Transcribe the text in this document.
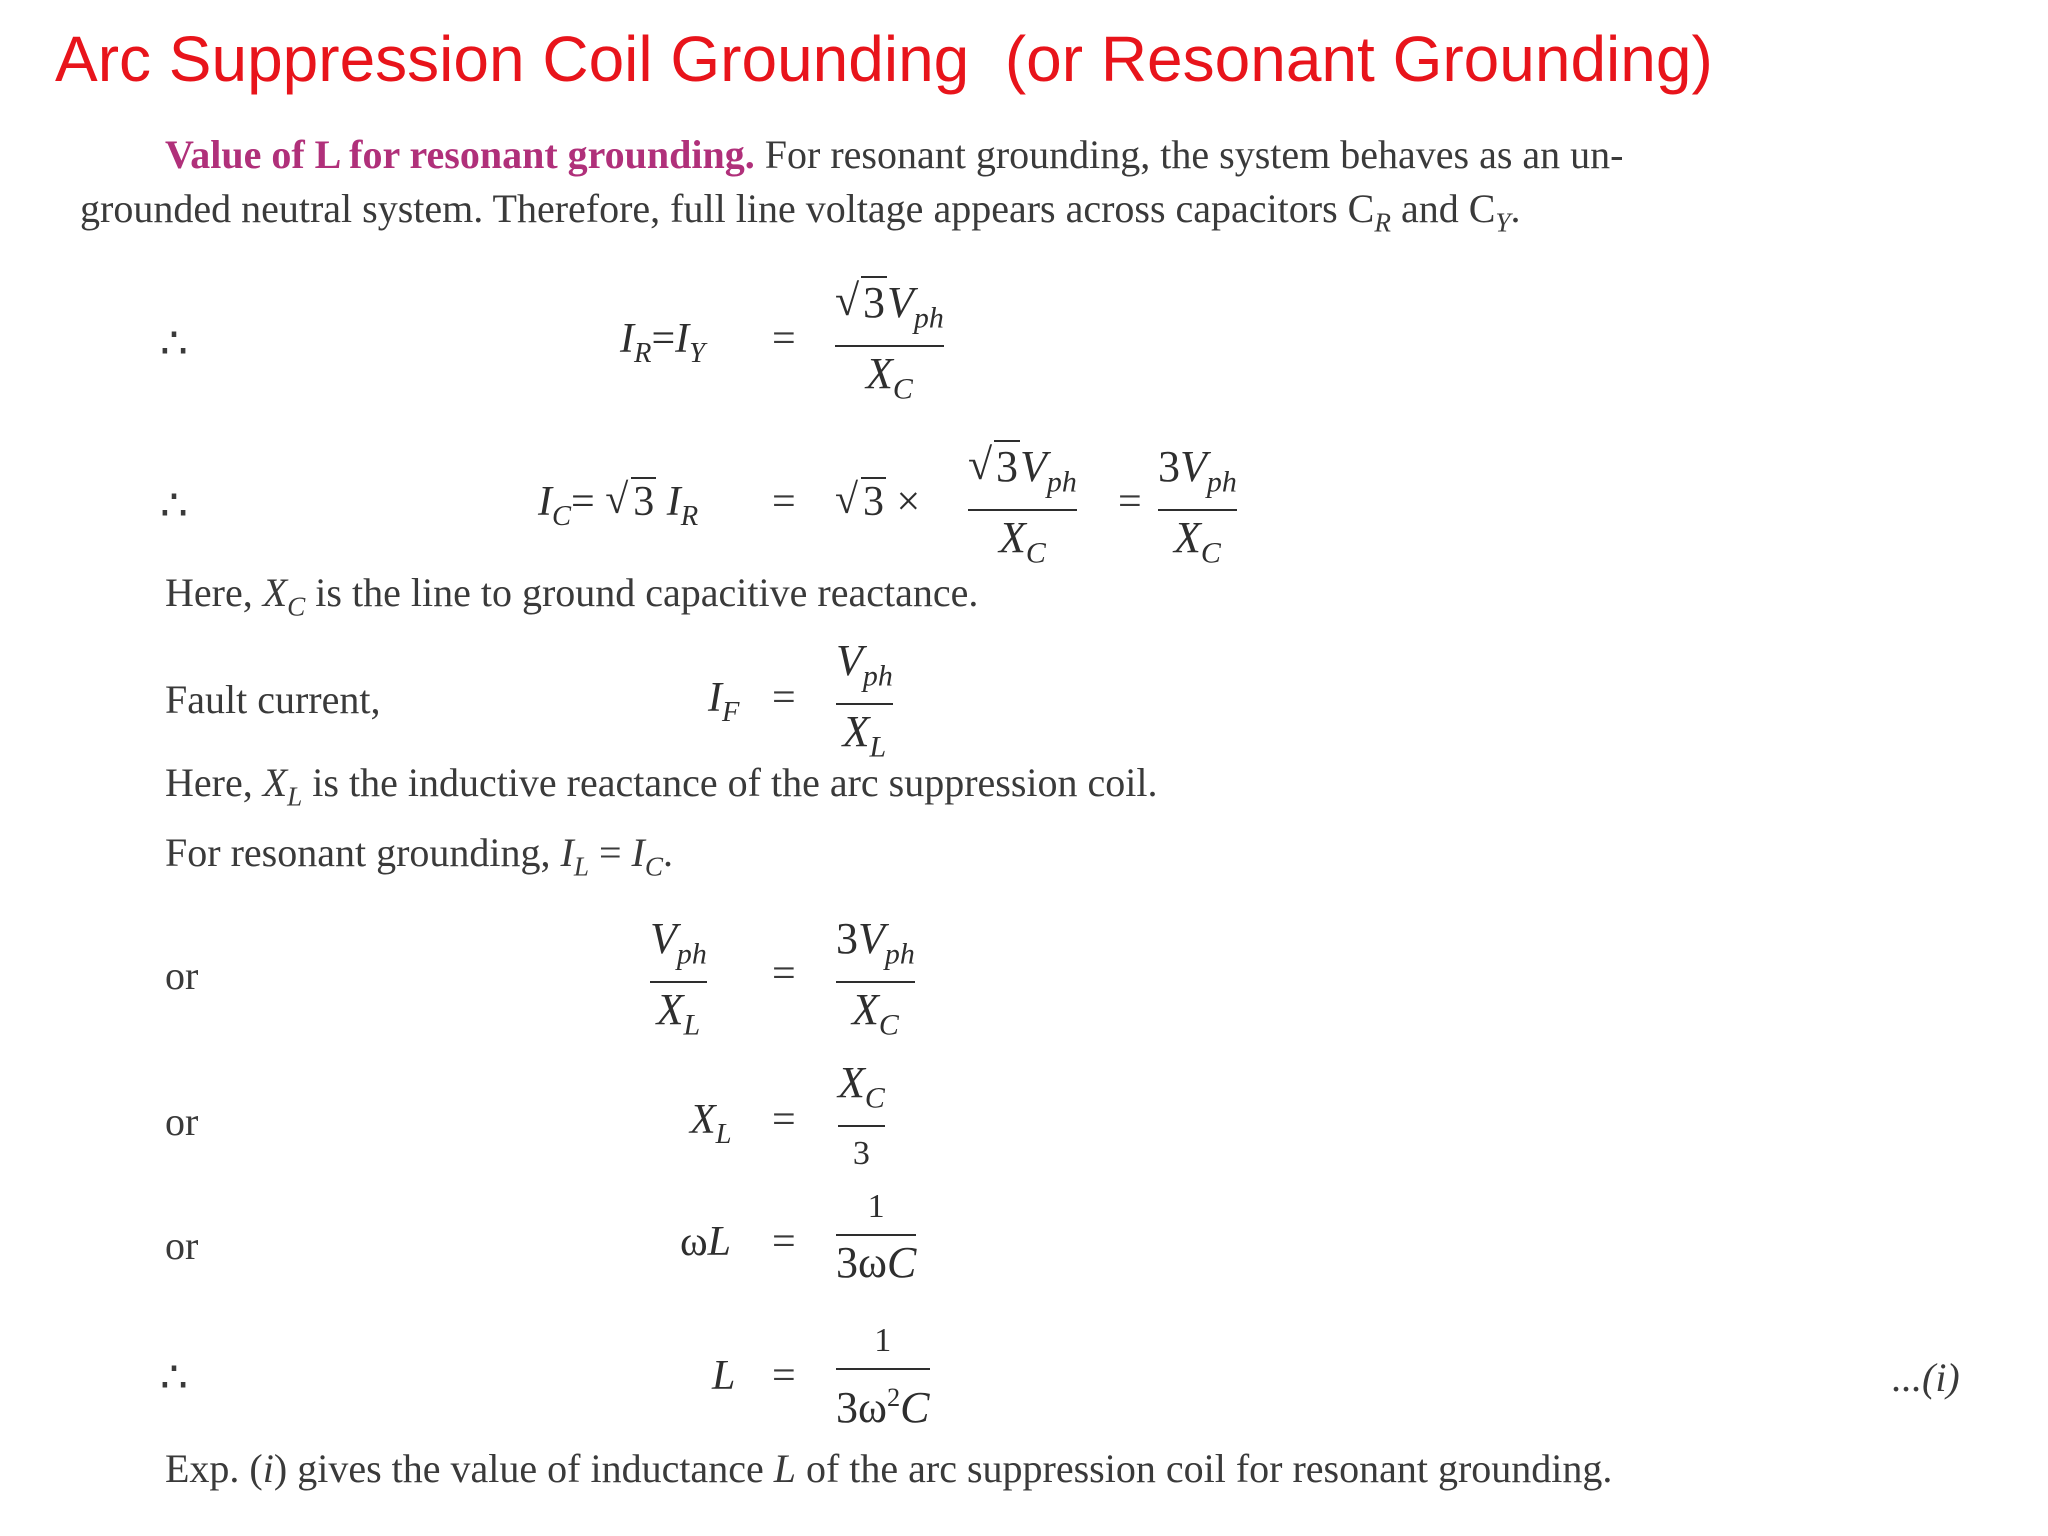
Arc Suppression Coil Grounding  (or Resonant Grounding)
Value of L for resonant grounding. For resonant grounding, the system behaves as an un-
grounded neutral system. Therefore, full line voltage appears across capacitors $C_R$ and $C_Y$.
∴	$I_R=I_Y$ =
√ $3V_{ph}$
$X_C$
∴	$I_C=$ √ 3 $I_R$ =	√ 3 ×
√ $3V_{ph}$
$X_C$
=
$3V_{ph}$
$X_C$
Here, $X_C$ is the line to ground capacitive reactance.
Fault current,	$I_F$ =
$V_{ph}$
$X_L$
Here, $X_L$ is the inductive reactance of the arc suppression coil.
For resonant grounding, $I_L = I_C$.
or
$V_{ph}$
$X_L$
=
$3V_{ph}$
$X_C$
or	$X_L$ =
$X_C$
3
or	ωL =
1
3ωC
∴	L =
1
$3\omega^2C$
...(i)
Exp. (i) gives the value of inductance L of the arc suppression coil for resonant grounding.
